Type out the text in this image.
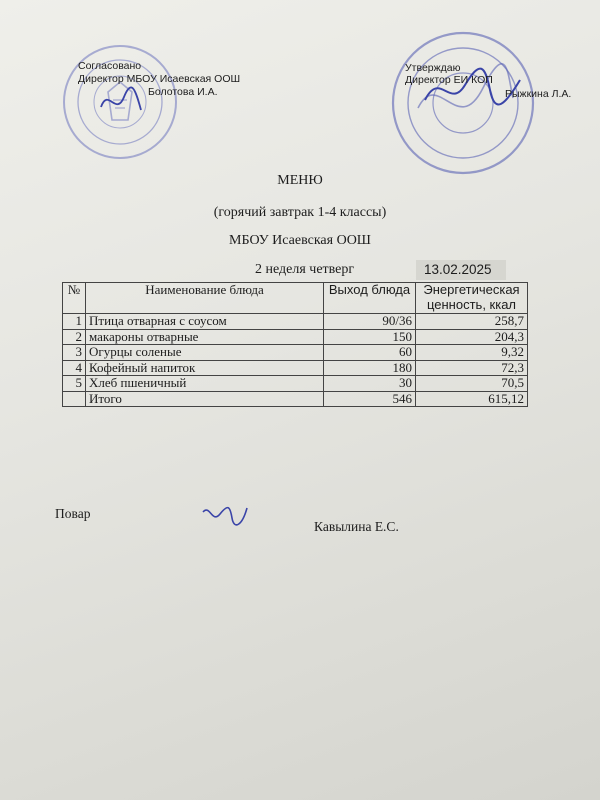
Согласовано
Директор МБОУ Исаевская ООШ
Болотова И.А.
Утверждаю
Директор ЕИ КОП
Рыжкина Л.А.
МЕНЮ
(горячий завтрак 1-4 классы)
МБОУ Исаевская ООШ
2 неделя четверг	13.02.2025
№	Наименование блюда	Выход блюда	Энергетическая ценность, ккал
1	Птица отварная с соусом	90/36	258,7
2	макароны отварные	150	204,3
3	Огурцы соленые	60	9,32
4	Кофейный напиток	180	72,3
5	Хлеб пшеничный	30	70,5
	Итого	546	615,12
Повар
Кавылина Е.С.
